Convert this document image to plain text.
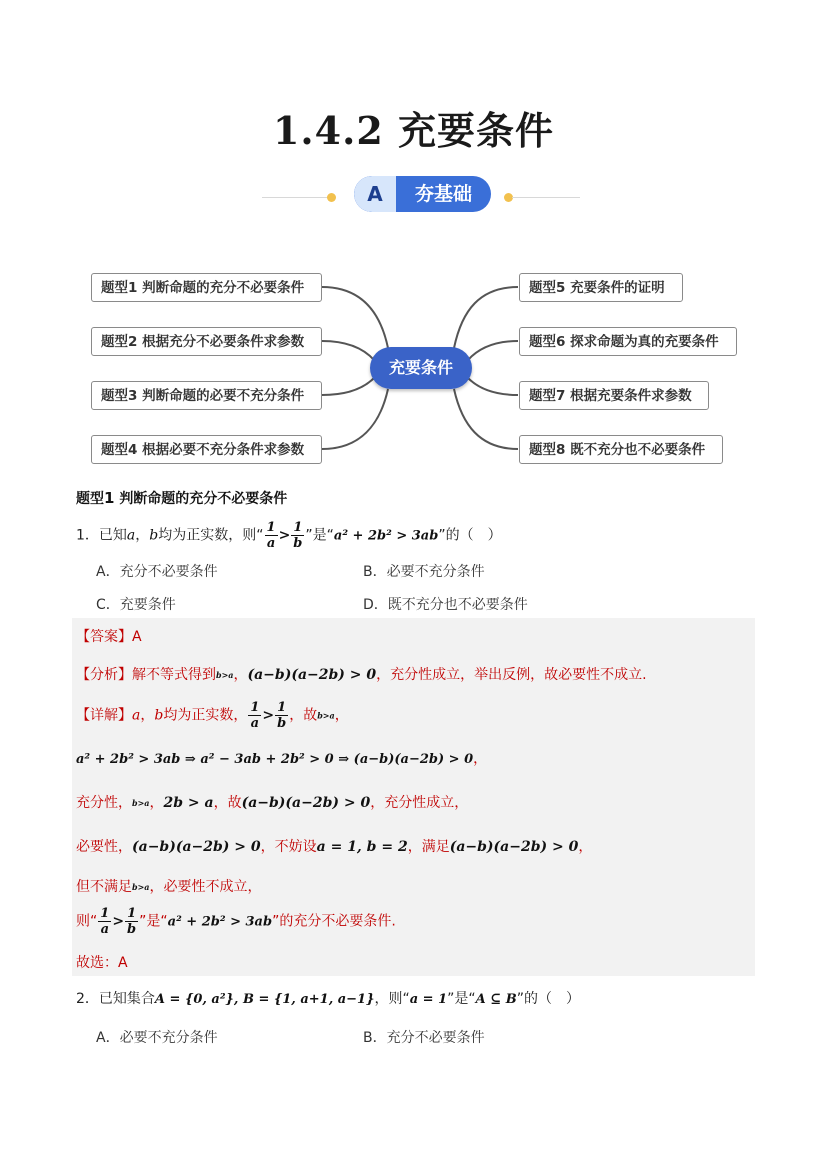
1.4.2 充要条件
A	夯基础
题型1 判断命题的充分不必要条件
题型2 根据充分不必要条件求参数
题型3 判断命题的必要不充分条件
题型4 根据必要不充分条件求参数
充要条件
题型5 充要条件的证明
题型6 探求命题为真的充要条件
题型7 根据充要条件求参数
题型8 既不充分也不必要条件
题型1 判断命题的充分不必要条件
1．已知a，b均为正实数，则“ $\frac{1}{a} > \frac{1}{b}$ ”是“a² + 2b² > 3ab”的（　）
A．充分不必要条件	B．必要不充分条件
C．充要条件	D．既不充分也不必要条件
【答案】A
【分析】解不等式得到b>a，(a−b)(a−2b) > 0，充分性成立，举出反例，故必要性不成立.
【详解】a，b均为正实数， $\frac{1}{a} > \frac{1}{b}$ ，故b>a，
a² + 2b² > 3ab ⇒ a² − 3ab + 2b² > 0 ⇒ (a−b)(a−2b) > 0，
充分性，b>a，2b > a，故(a−b)(a−2b) > 0，充分性成立，
必要性，(a−b)(a−2b) > 0，不妨设a = 1, b = 2，满足(a−b)(a−2b) > 0，
但不满足b>a，必要性不成立，
则“ $\frac{1}{a} > \frac{1}{b}$ ”是“a² + 2b² > 3ab”的充分不必要条件.
故选：A
2．已知集合A = {0, a²}, B = {1, a+1, a−1}，则“a = 1”是“A ⊆ B”的（　）
A．必要不充分条件	B．充分不必要条件
